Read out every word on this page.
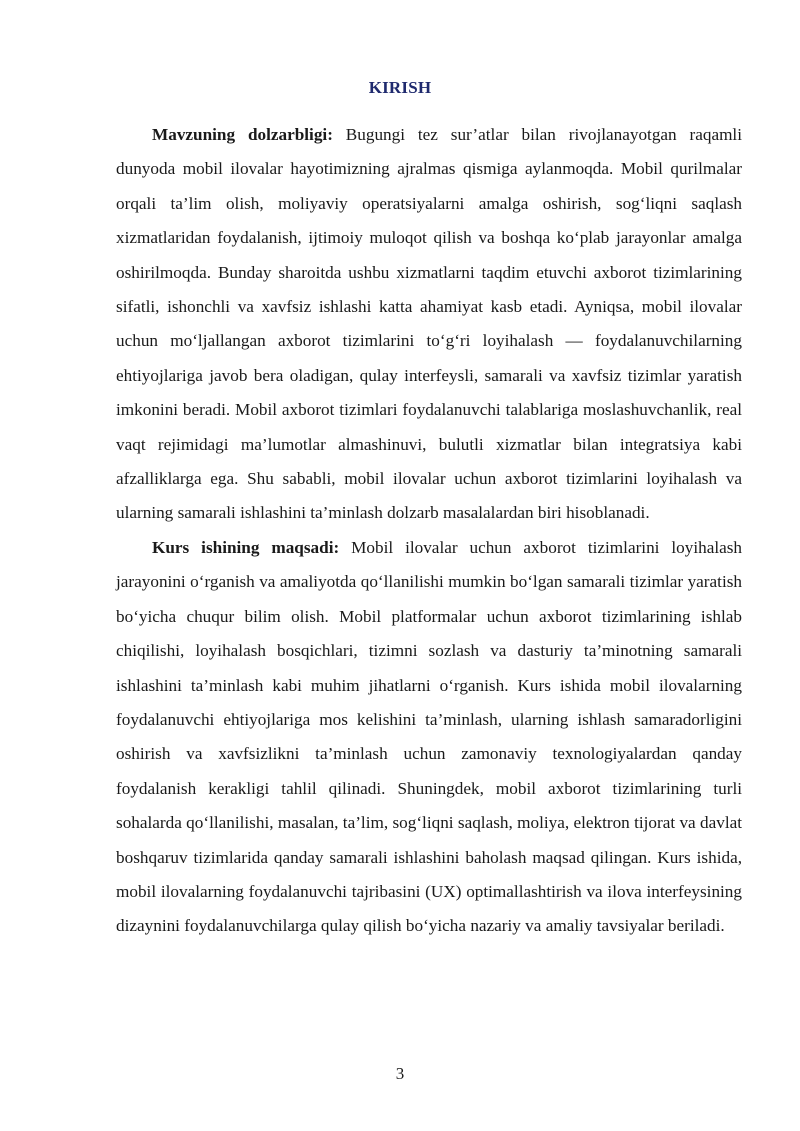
KIRISH

Mavzuning dolzarbligi: Bugungi tez sur’atlar bilan rivojlanayotgan raqamli dunyoda mobil ilovalar hayotimizning ajralmas qismiga aylanmoqda. Mobil qurilmalar orqali ta’lim olish, moliyaviy operatsiyalarni amalga oshirish, sog‘liqni saqlash xizmatlaridan foydalanish, ijtimoiy muloqot qilish va boshqa ko‘plab jarayonlar amalga oshirilmoqda. Bunday sharoitda ushbu xizmatlarni taqdim etuvchi axborot tizimlarining sifatli, ishonchli va xavfsiz ishlashi katta ahamiyat kasb etadi. Ayniqsa, mobil ilovalar uchun mo‘ljallangan axborot tizimlarini to‘g‘ri loyihalash — foydalanuvchilarning ehtiyojlariga javob bera oladigan, qulay interfeysli, samarali va xavfsiz tizimlar yaratish imkonini beradi. Mobil axborot tizimlari foydalanuvchi talablariga moslashuvchanlik, real vaqt rejimidagi ma’lumotlar almashinuvi, bulutli xizmatlar bilan integratsiya kabi afzalliklarga ega. Shu sababli, mobil ilovalar uchun axborot tizimlarini loyihalash va ularning samarali ishlashini ta’minlash dolzarb masalalardan biri hisoblanadi.

Kurs ishining maqsadi: Mobil ilovalar uchun axborot tizimlarini loyihalash jarayonini o‘rganish va amaliyotda qo‘llanilishi mumkin bo‘lgan samarali tizimlar yaratish bo‘yicha chuqur bilim olish. Mobil platformalar uchun axborot tizimlarining ishlab chiqilishi, loyihalash bosqichlari, tizimni sozlash va dasturiy ta’minotning samarali ishlashini ta’minlash kabi muhim jihatlarni o‘rganish. Kurs ishida mobil ilovalarning foydalanuvchi ehtiyojlariga mos kelishini ta’minlash, ularning ishlash samaradorligini oshirish va xavfsizlikni ta’minlash uchun zamonaviy texnologiyalardan qanday foydalanish kerakligi tahlil qilinadi. Shuningdek, mobil axborot tizimlarining turli sohalarda qo‘llanilishi, masalan, ta’lim, sog‘liqni saqlash, moliya, elektron tijorat va davlat boshqaruv tizimlarida qanday samarali ishlashini baholash maqsad qilingan. Kurs ishida, mobil ilovalarning foydalanuvchi tajribasini (UX) optimallashtirish va ilova interfeysining dizaynini foydalanuvchilarga qulay qilish bo‘yicha nazariy va amaliy tavsiyalar beriladi.

3
